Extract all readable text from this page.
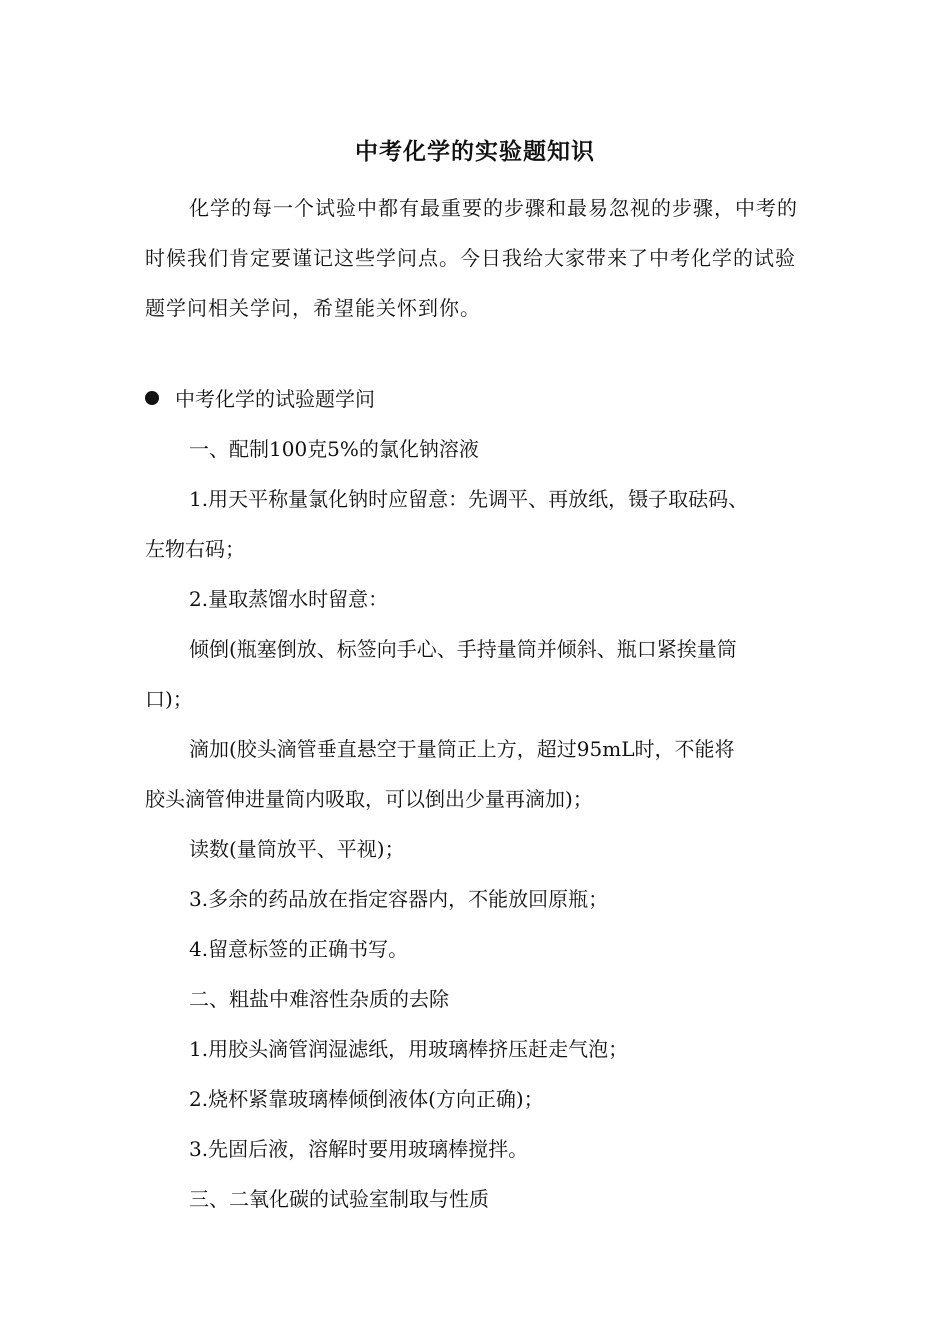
中考化学的实验题知识

化学的每一个试验中都有最重要的步骤和最易忽视的步骤，中考的时候我们肯定要谨记这些学问点。今日我给大家带来了中考化学的试验题学问相关学问，希望能关怀到你。

中考化学的试验题学问

一、配制100克5%的氯化钠溶液

1.用天平称量氯化钠时应留意：先调平、再放纸，镊子取砝码、

左物右码；

2.量取蒸馏水时留意：

倾倒(瓶塞倒放、标签向手心、手持量筒并倾斜、瓶口紧挨量筒

口)；

滴加(胶头滴管垂直悬空于量筒正上方，超过95mL时，不能将

胶头滴管伸进量筒内吸取，可以倒出少量再滴加)；

读数(量筒放平、平视)；

3.多余的药品放在指定容器内，不能放回原瓶；

4.留意标签的正确书写。

二、粗盐中难溶性杂质的去除

1.用胶头滴管润湿滤纸，用玻璃棒挤压赶走气泡；

2.烧杯紧靠玻璃棒倾倒液体(方向正确)；

3.先固后液，溶解时要用玻璃棒搅拌。

三、二氧化碳的试验室制取与性质
